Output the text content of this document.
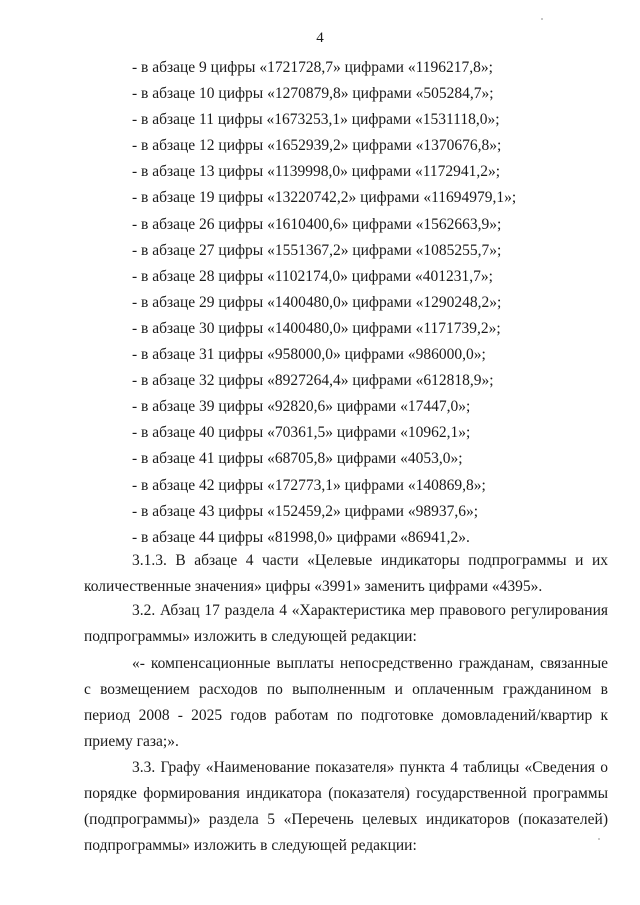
4
- в абзаце 9 цифры «1721728,7» цифрами «1196217,8»;
- в абзаце 10 цифры «1270879,8» цифрами «505284,7»;
- в абзаце 11 цифры «1673253,1» цифрами «1531118,0»;
- в абзаце 12 цифры «1652939,2» цифрами «1370676,8»;
- в абзаце 13 цифры «1139998,0» цифрами «1172941,2»;
- в абзаце 19 цифры «13220742,2» цифрами «11694979,1»;
- в абзаце 26 цифры «1610400,6» цифрами «1562663,9»;
- в абзаце 27 цифры «1551367,2» цифрами «1085255,7»;
- в абзаце 28 цифры «1102174,0» цифрами «401231,7»;
- в абзаце 29 цифры «1400480,0» цифрами «1290248,2»;
- в абзаце 30 цифры «1400480,0» цифрами «1171739,2»;
- в абзаце 31 цифры «958000,0» цифрами «986000,0»;
- в абзаце 32 цифры «8927264,4» цифрами «612818,9»;
- в абзаце 39 цифры «92820,6» цифрами «17447,0»;
- в абзаце 40 цифры «70361,5» цифрами «10962,1»;
- в абзаце 41 цифры «68705,8» цифрами «4053,0»;
- в абзаце 42 цифры «172773,1» цифрами «140869,8»;
- в абзаце 43 цифры «152459,2» цифрами «98937,6»;
- в абзаце 44 цифры «81998,0» цифрами «86941,2».

3.1.3. В абзаце 4 части «Целевые индикаторы подпрограммы и их количественные значения» цифры «3991» заменить цифрами «4395».

3.2. Абзац 17 раздела 4 «Характеристика мер правового регулирования подпрограммы» изложить в следующей редакции:

«- компенсационные выплаты непосредственно гражданам, связанные с возмещением расходов по выполненным и оплаченным гражданином в период 2008 - 2025 годов работам по подготовке домовладений/квартир к приему газа;».

3.3. Графу «Наименование показателя» пункта 4 таблицы «Сведения о порядке формирования индикатора (показателя) государственной программы (подпрограммы)» раздела 5 «Перечень целевых индикаторов (показателей) подпрограммы» изложить в следующей редакции:
